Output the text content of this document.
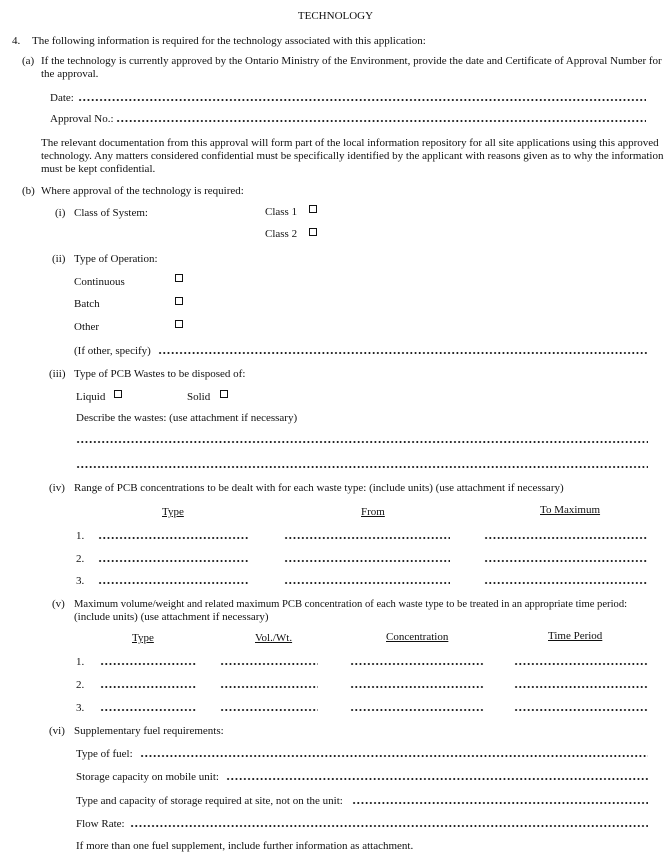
TECHNOLOGY
4. The following information is required for the technology associated with this application:
(a) If the technology is currently approved by the Ontario Ministry of the Environment, provide the date and Certificate of Approval Number for
the approval.
Date:
Approval No.:
The relevant documentation from this approval will form part of the local information repository for all site applications using this approved
technology. Any matters considered confidential must be specifically identified by the applicant with reasons given as to why the information
must be kept confidential.
(b) Where approval of the technology is required:
(i) Class of System:	Class 1
Class 2
(ii) Type of Operation:
Continuous
Batch
Other
(If other, specify)
(iii) Type of PCB Wastes to be disposed of:
Liquid	Solid
Describe the wastes: (use attachment if necessary)
(iv) Range of PCB concentrations to be dealt with for each waste type: (include units) (use attachment if necessary)
Type	From	To Maximum
1.
2.
3.
(v) Maximum volume/weight and related maximum PCB concentration of each waste type to be treated in an appropriate time period:
(include units) (use attachment if necessary)
Type	Vol./Wt.	Concentration	Time Period
1.
2.
3.
(vi) Supplementary fuel requirements:
Type of fuel:
Storage capacity on mobile unit:
Type and capacity of storage required at site, not on the unit:
Flow Rate:
If more than one fuel supplement, include further information as attachment.
